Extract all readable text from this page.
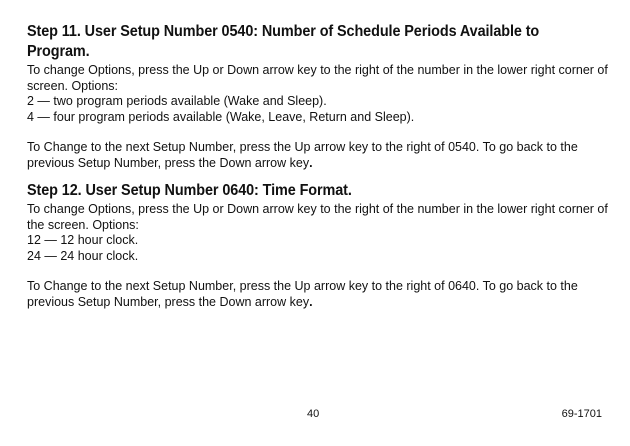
Step 11. User Setup Number 0540: Number of Schedule Periods Available to
Program.

To change Options, press the Up or Down arrow key to the right of the number in the lower right corner of screen. Options:
2 — two program periods available (Wake and Sleep).
4 — four program periods available (Wake, Leave, Return and Sleep).

To Change to the next Setup Number, press the Up arrow key to the right of 0540. To go back to the previous Setup Number, press the Down arrow key.

Step 12. User Setup Number 0640: Time Format.

To change Options, press the Up or Down arrow key to the right of the number in the lower right corner of the screen. Options:
12 — 12 hour clock.
24 — 24 hour clock.

To Change to the next Setup Number, press the Up arrow key to the right of 0640. To go back to the previous Setup Number, press the Down arrow key.

40	69-1701
